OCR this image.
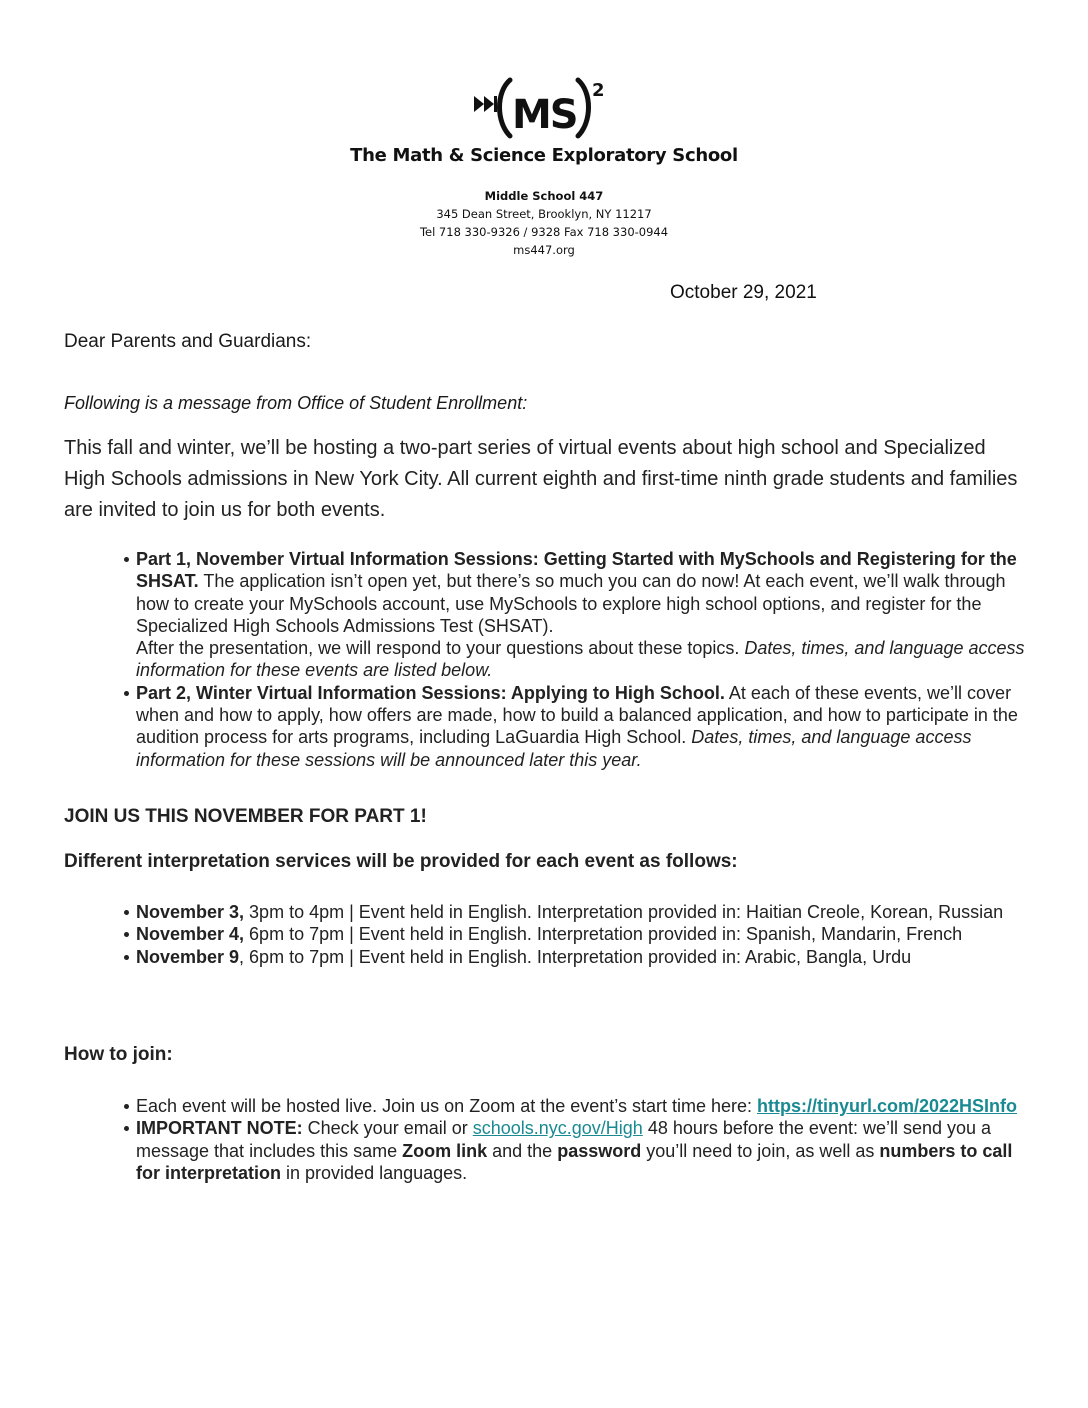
MS
2
The Math & Science Exploratory School
Middle School 447
345 Dean Street, Brooklyn, NY 11217
Tel 718 330-9326 / 9328 Fax 718 330-0944
ms447.org
October 29, 2021
Dear Parents and Guardians:
Following is a message from Office of Student Enrollment:
This fall and winter, we’ll be hosting a two-part series of virtual events about high school and Specialized High Schools admissions in New York City. All current eighth and first-time ninth grade students and families are invited to join us for both events.
Part 1, November Virtual Information Sessions: Getting Started with MySchools and Registering for the SHSAT. The application isn’t open yet, but there’s so much you can do now! At each event, we’ll walk through how to create your MySchools account, use MySchools to explore high school options, and register for the Specialized High Schools Admissions Test (SHSAT).
After the presentation, we will respond to your questions about these topics. Dates, times, and language access information for these events are listed below.
Part 2, Winter Virtual Information Sessions: Applying to High School. At each of these events, we’ll cover when and how to apply, how offers are made, how to build a balanced application, and how to participate in the audition process for arts programs, including LaGuardia High School. Dates, times, and language access information for these sessions will be announced later this year.
JOIN US THIS NOVEMBER FOR PART 1!
Different interpretation services will be provided for each event as follows:
November 3, 3pm to 4pm | Event held in English. Interpretation provided in: Haitian Creole, Korean, Russian
November 4, 6pm to 7pm | Event held in English. Interpretation provided in: Spanish, Mandarin, French
November 9, 6pm to 7pm | Event held in English. Interpretation provided in: Arabic, Bangla, Urdu
How to join:
Each event will be hosted live. Join us on Zoom at the event’s start time here: https://tinyurl.com/2022HSInfo
IMPORTANT NOTE: Check your email or schools.nyc.gov/High 48 hours before the event: we’ll send you a message that includes this same Zoom link and the password you’ll need to join, as well as numbers to call for interpretation in provided languages.
